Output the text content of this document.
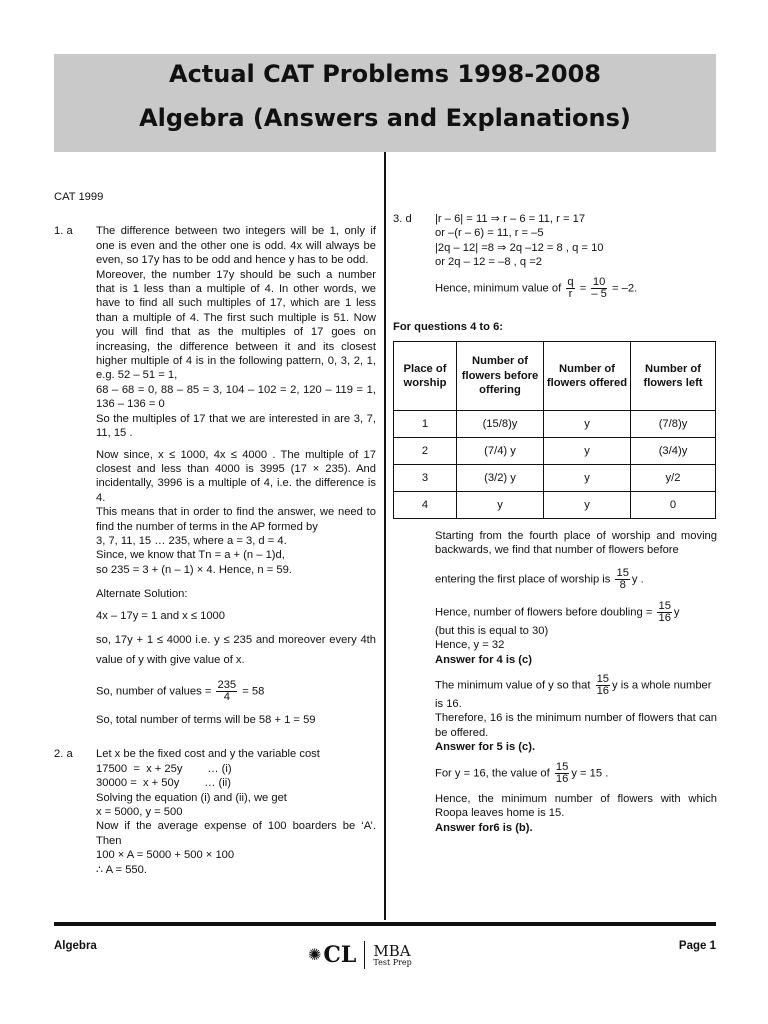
Actual CAT Problems 1998-2008
Algebra (Answers and Explanations)
CAT 1999
1. a	The difference between two integers will be 1, only if one is even and the other one is odd. 4x will always be even, so 17y has to be odd and hence y has to be odd.
Moreover, the number 17y should be such a number that is 1 less than a multiple of 4. In other words, we have to find all such multiples of 17, which are 1 less than a multiple of 4. The first such multiple is 51. Now you will find that as the multiples of 17 goes on increasing, the difference between it and its closest higher multiple of 4 is in the following pattern, 0, 3, 2, 1, e.g. 52 – 51 = 1,
68 – 68 = 0, 88 – 85 = 3, 104 – 102 = 2, 120 – 119 = 1, 136 – 136 = 0
So the multiples of 17 that we are interested in are 3, 7, 11, 15 .
Now since, x ≤ 1000, 4x ≤ 4000 . The multiple of 17 closest and less than 4000 is 3995 (17 × 235). And incidentally, 3996 is a multiple of 4, i.e. the difference is 4.
This means that in order to find the answer, we need to find the number of terms in the AP formed by
3, 7, 11, 15 … 235, where a = 3, d = 4.
Since, we know that Tn = a + (n – 1)d,
so 235 = 3 + (n – 1) × 4. Hence, n = 59.
Alternate Solution:
4x – 17y = 1 and x ≤ 1000
so, 17y + 1 ≤ 4000 i.e. y ≤ 235 and moreover every 4th value of y with give value of x.
So, number of values = $\frac{235}{4} = 58$
So, total number of terms will be 58 + 1 = 59
2. a	Let x be the fixed cost and y the variable cost
17500  =  x + 25y        … (i)
30000 =  x + 50y        … (ii)
Solving the equation (i) and (ii), we get
x = 5000, y = 500
Now if the average expense of 100 boarders be ‘A’. Then
100 × A = 5000 + 500 × 100
∴ A = 550.
3. d	|r – 6| = 11 ⇒ r – 6 = 11, r = 17
or –(r – 6) = 11, r = –5
|2q – 12| =8 ⇒ 2q –12 = 8 , q = 10
or 2q – 12 = –8 , q =2
Hence, minimum value of $\frac{q}{r} = \frac{10}{- 5} = -2$.
For questions 4 to 6:
Place of worship	Number of flowers before offering	Number of flowers offered	Number of flowers left
1	(15/8)y	y	(7/8)y
2	(7/4) y	y	(3/4)y
3	(3/2) y	y	y/2
4	y	y	0
Starting from the fourth place of worship and moving backwards, we find that number of flowers before
entering the first place of worship is $\frac{15}{8}$ y .
Hence, number of flowers before doubling = $\frac{15}{16}$ y
(but this is equal to 30)
Hence, y = 32
Answer for 4 is (c)
The minimum value of y so that $\frac{15}{16}$ y is a whole number
is 16.
Therefore, 16 is the minimum number of flowers that can be offered.
Answer for 5 is (c).
For y = 16, the value of $\frac{15}{16}$ y = 15 .
Hence, the minimum number of flowers with which Roopa leaves home is 15.
Answer for6 is (b).
Algebra
✺ CL MBA
Test Prep
Page 1
